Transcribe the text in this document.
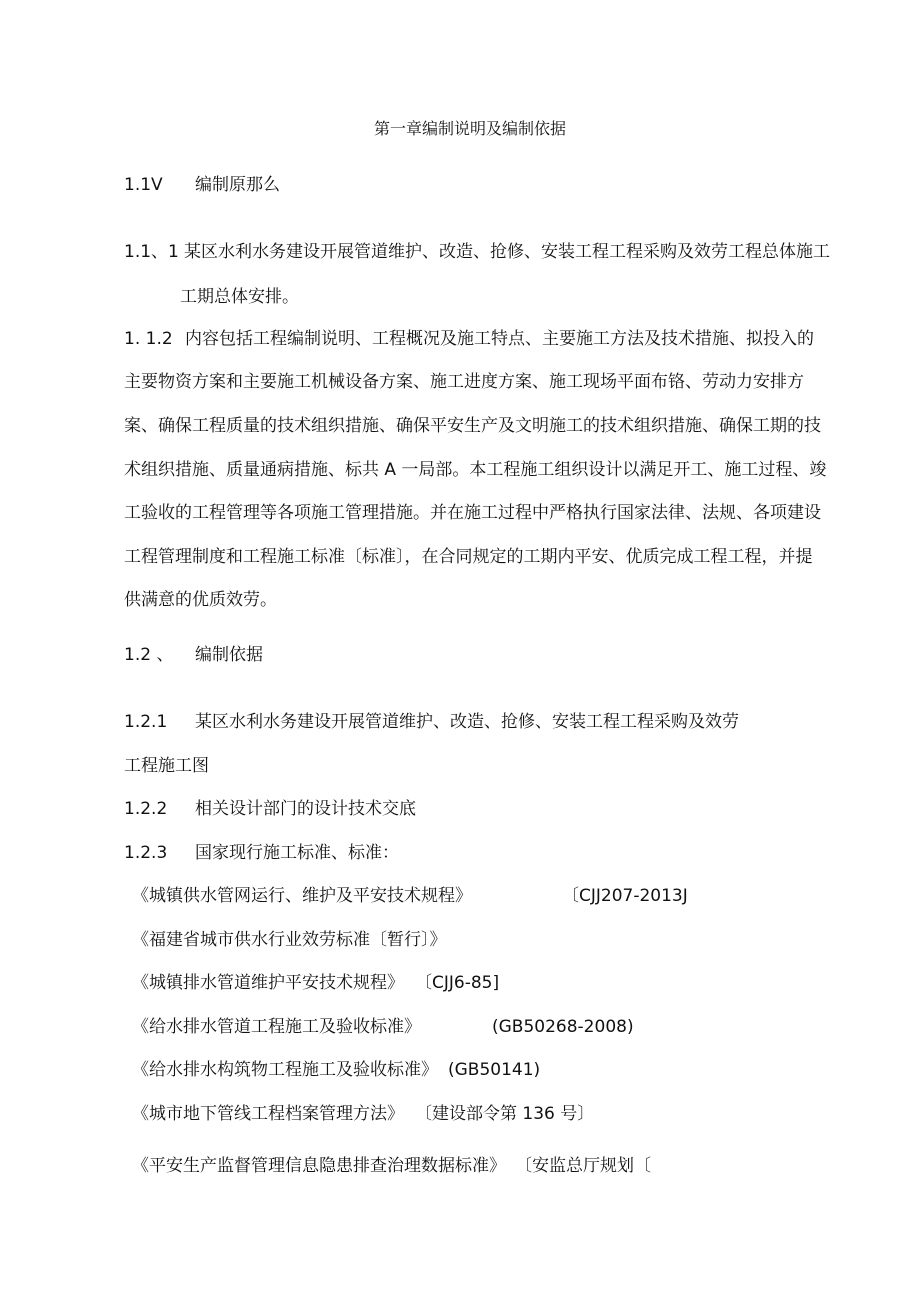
第一章编制说明及编制依据
1.1V 编制原那么
1.1、1 某区水利水务建设开展管道维护、改造、抢修、安装工程工程采购及效劳工程总体施工
工期总体安排。
1. 1.2 内容包括工程编制说明、工程概况及施工特点、主要施工方法及技术措施、拟投入的
主要物资方案和主要施工机械设备方案、施工进度方案、施工现场平面布铬、劳动力安排方
案、确保工程质量的技术组织措施、确保平安生产及文明施工的技术组织措施、确保工期的技
术组织措施、质量通病措施、标共 A 一局部。本工程施工组织设计以满足开工、施工过程、竣
工验收的工程管理等各项施工管理措施。并在施工过程中严格执行国家法律、法规、各项建设
工程管理制度和工程施工标准〔标准〕，在合同规定的工期内平安、优质完成工程工程，并提
供满意的优质效劳。
1.2 、 编制依据
1.2.1 某区水利水务建设开展管道维护、改造、抢修、安装工程工程采购及效劳
工程施工图
1.2.2 相关设计部门的设计技术交底
1.2.3 国家现行施工标准、标准：
《城镇供水管网运行、维护及平安技术规程》	〔CJJ207-2013J
《福建省城市供水行业效劳标准〔暂行〕》
《城镇排水管道维护平安技术规程》 〔CJJ6-85]
《给水排水管道工程施工及验收标准》	(GB50268-2008)
《给水排水构筑物工程施工及验收标准》 (GB50141)
《城市地下管线工程档案管理方法》 〔建设部令第 136 号〕
《平安生产监督管理信息隐患排查治理数据标准》 〔安监总厅规划〔
